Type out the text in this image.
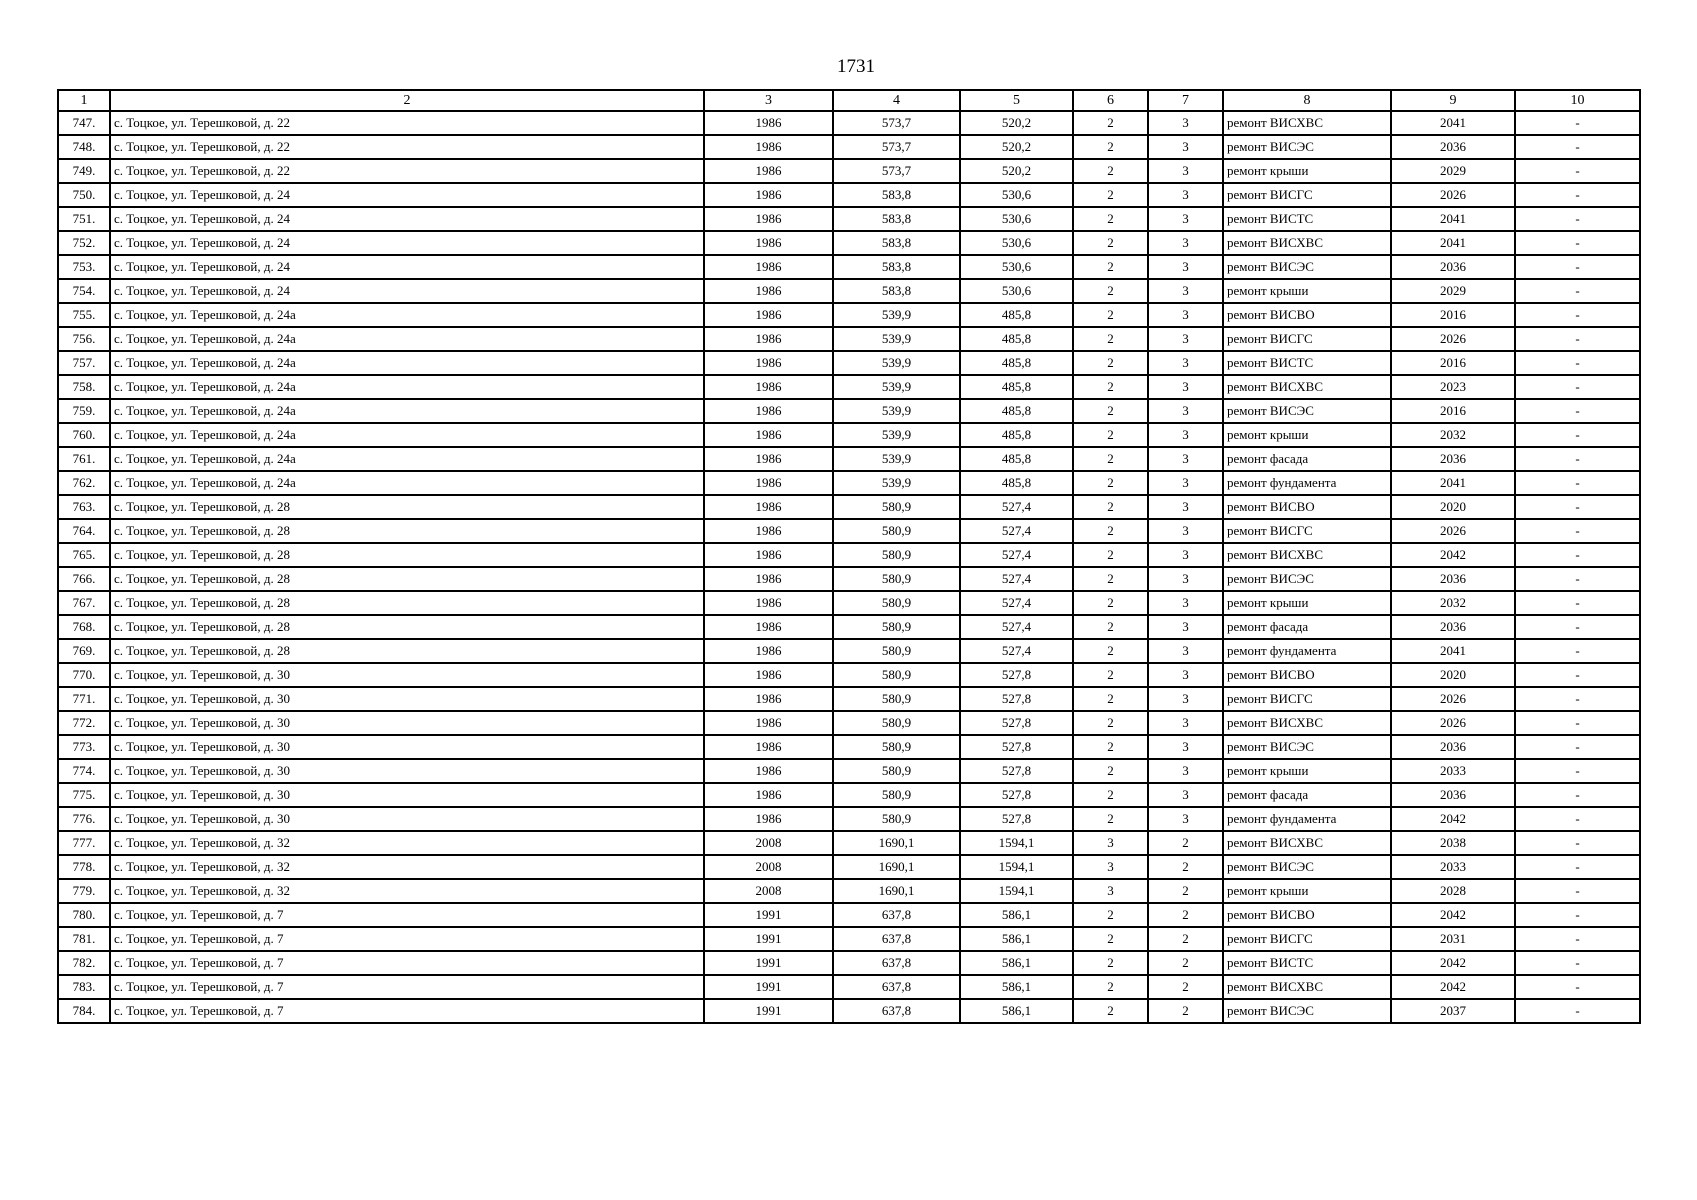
1731
1	2	3	4	5	6	7	8	9	10
747.	с. Тоцкое, ул. Терешковой, д. 22	1986	573,7	520,2	2	3	ремонт ВИСХВС	2041	-
748.	с. Тоцкое, ул. Терешковой, д. 22	1986	573,7	520,2	2	3	ремонт ВИСЭС	2036	-
749.	с. Тоцкое, ул. Терешковой, д. 22	1986	573,7	520,2	2	3	ремонт крыши	2029	-
750.	с. Тоцкое, ул. Терешковой, д. 24	1986	583,8	530,6	2	3	ремонт ВИСГС	2026	-
751.	с. Тоцкое, ул. Терешковой, д. 24	1986	583,8	530,6	2	3	ремонт ВИСТС	2041	-
752.	с. Тоцкое, ул. Терешковой, д. 24	1986	583,8	530,6	2	3	ремонт ВИСХВС	2041	-
753.	с. Тоцкое, ул. Терешковой, д. 24	1986	583,8	530,6	2	3	ремонт ВИСЭС	2036	-
754.	с. Тоцкое, ул. Терешковой, д. 24	1986	583,8	530,6	2	3	ремонт крыши	2029	-
755.	с. Тоцкое, ул. Терешковой, д. 24а	1986	539,9	485,8	2	3	ремонт ВИСВО	2016	-
756.	с. Тоцкое, ул. Терешковой, д. 24а	1986	539,9	485,8	2	3	ремонт ВИСГС	2026	-
757.	с. Тоцкое, ул. Терешковой, д. 24а	1986	539,9	485,8	2	3	ремонт ВИСТС	2016	-
758.	с. Тоцкое, ул. Терешковой, д. 24а	1986	539,9	485,8	2	3	ремонт ВИСХВС	2023	-
759.	с. Тоцкое, ул. Терешковой, д. 24а	1986	539,9	485,8	2	3	ремонт ВИСЭС	2016	-
760.	с. Тоцкое, ул. Терешковой, д. 24а	1986	539,9	485,8	2	3	ремонт крыши	2032	-
761.	с. Тоцкое, ул. Терешковой, д. 24а	1986	539,9	485,8	2	3	ремонт фасада	2036	-
762.	с. Тоцкое, ул. Терешковой, д. 24а	1986	539,9	485,8	2	3	ремонт фундамента	2041	-
763.	с. Тоцкое, ул. Терешковой, д. 28	1986	580,9	527,4	2	3	ремонт ВИСВО	2020	-
764.	с. Тоцкое, ул. Терешковой, д. 28	1986	580,9	527,4	2	3	ремонт ВИСГС	2026	-
765.	с. Тоцкое, ул. Терешковой, д. 28	1986	580,9	527,4	2	3	ремонт ВИСХВС	2042	-
766.	с. Тоцкое, ул. Терешковой, д. 28	1986	580,9	527,4	2	3	ремонт ВИСЭС	2036	-
767.	с. Тоцкое, ул. Терешковой, д. 28	1986	580,9	527,4	2	3	ремонт крыши	2032	-
768.	с. Тоцкое, ул. Терешковой, д. 28	1986	580,9	527,4	2	3	ремонт фасада	2036	-
769.	с. Тоцкое, ул. Терешковой, д. 28	1986	580,9	527,4	2	3	ремонт фундамента	2041	-
770.	с. Тоцкое, ул. Терешковой, д. 30	1986	580,9	527,8	2	3	ремонт ВИСВО	2020	-
771.	с. Тоцкое, ул. Терешковой, д. 30	1986	580,9	527,8	2	3	ремонт ВИСГС	2026	-
772.	с. Тоцкое, ул. Терешковой, д. 30	1986	580,9	527,8	2	3	ремонт ВИСХВС	2026	-
773.	с. Тоцкое, ул. Терешковой, д. 30	1986	580,9	527,8	2	3	ремонт ВИСЭС	2036	-
774.	с. Тоцкое, ул. Терешковой, д. 30	1986	580,9	527,8	2	3	ремонт крыши	2033	-
775.	с. Тоцкое, ул. Терешковой, д. 30	1986	580,9	527,8	2	3	ремонт фасада	2036	-
776.	с. Тоцкое, ул. Терешковой, д. 30	1986	580,9	527,8	2	3	ремонт фундамента	2042	-
777.	с. Тоцкое, ул. Терешковой, д. 32	2008	1690,1	1594,1	3	2	ремонт ВИСХВС	2038	-
778.	с. Тоцкое, ул. Терешковой, д. 32	2008	1690,1	1594,1	3	2	ремонт ВИСЭС	2033	-
779.	с. Тоцкое, ул. Терешковой, д. 32	2008	1690,1	1594,1	3	2	ремонт крыши	2028	-
780.	с. Тоцкое, ул. Терешковой, д. 7	1991	637,8	586,1	2	2	ремонт ВИСВО	2042	-
781.	с. Тоцкое, ул. Терешковой, д. 7	1991	637,8	586,1	2	2	ремонт ВИСГС	2031	-
782.	с. Тоцкое, ул. Терешковой, д. 7	1991	637,8	586,1	2	2	ремонт ВИСТС	2042	-
783.	с. Тоцкое, ул. Терешковой, д. 7	1991	637,8	586,1	2	2	ремонт ВИСХВС	2042	-
784.	с. Тоцкое, ул. Терешковой, д. 7	1991	637,8	586,1	2	2	ремонт ВИСЭС	2037	-
